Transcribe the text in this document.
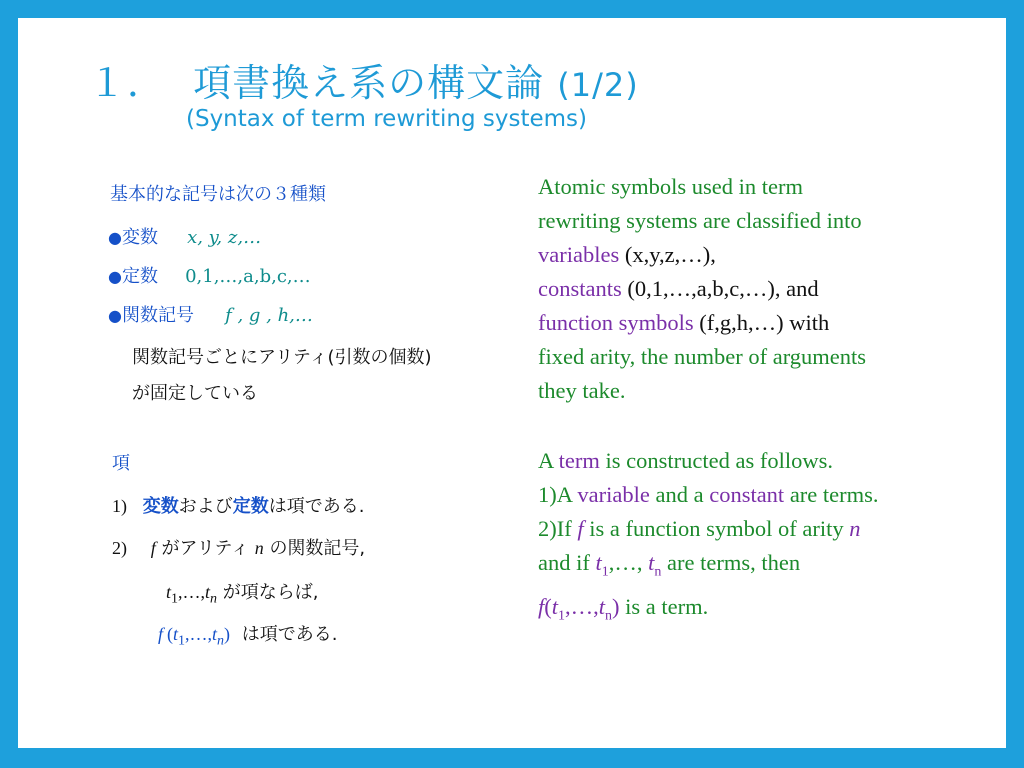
１． 項書換え系の構文論 (1/2)
(Syntax of term rewriting systems)
基本的な記号は次の３種類
●変数 x, y, z,…
●定数 0,1,…,a,b,c,…
●関数記号 f , g , h,…
関数記号ごとにアリティ(引数の個数)
が固定している
項
1) 変数および定数は項である.
2) f がアリティ n の関数記号,
$t_1,\dots,t_n$ が項ならば,
f $(t_1,\dots,t_n)$ は項である.
Atomic symbols used in term
rewriting systems are classified into
variables (x,y,z,…),
constants (0,1,…,a,b,c,…), and
function symbols (f,g,h,…) with
fixed arity, the number of arguments
they take.
A term is constructed as follows.
1)A variable and a constant are terms.
2)If f is a function symbol of arity n
and if $t_1,\dots$, $t_n$ are terms, then
$f(t_1,\dots,t_n)$ is a term.
